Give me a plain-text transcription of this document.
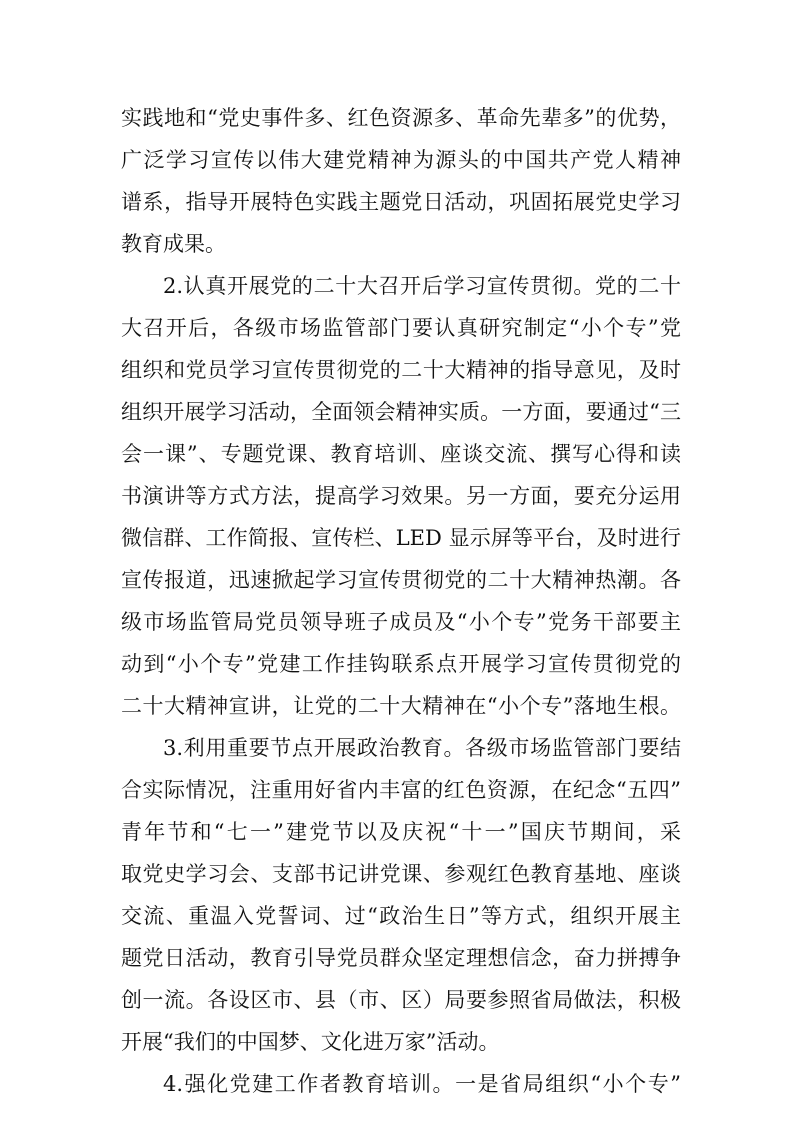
实践地和“党史事件多、红色资源多、革命先辈多”的优势，
广泛学习宣传以伟大建党精神为源头的中国共产党人精神
谱系，指导开展特色实践主题党日活动，巩固拓展党史学习
教育成果。
2.认真开展党的二十大召开后学习宣传贯彻。党的二十
大召开后，各级市场监管部门要认真研究制定“小个专”党
组织和党员学习宣传贯彻党的二十大精神的指导意见，及时
组织开展学习活动，全面领会精神实质。一方面，要通过“三
会一课”、专题党课、教育培训、座谈交流、撰写心得和读
书演讲等方式方法，提高学习效果。另一方面，要充分运用
微信群、工作简报、宣传栏、LED 显示屏等平台，及时进行
宣传报道，迅速掀起学习宣传贯彻党的二十大精神热潮。各
级市场监管局党员领导班子成员及“小个专”党务干部要主
动到“小个专”党建工作挂钩联系点开展学习宣传贯彻党的
二十大精神宣讲，让党的二十大精神在“小个专”落地生根。
3.利用重要节点开展政治教育。各级市场监管部门要结
合实际情况，注重用好省内丰富的红色资源，在纪念“五四”
青年节和“七一”建党节以及庆祝“十一”国庆节期间，采
取党史学习会、支部书记讲党课、参观红色教育基地、座谈
交流、重温入党誓词、过“政治生日”等方式，组织开展主
题党日活动，教育引导党员群众坚定理想信念，奋力拼搏争
创一流。各设区市、县（市、区）局要参照省局做法，积极
开展“我们的中国梦、文化进万家”活动。
4.强化党建工作者教育培训。一是省局组织“小个专”
